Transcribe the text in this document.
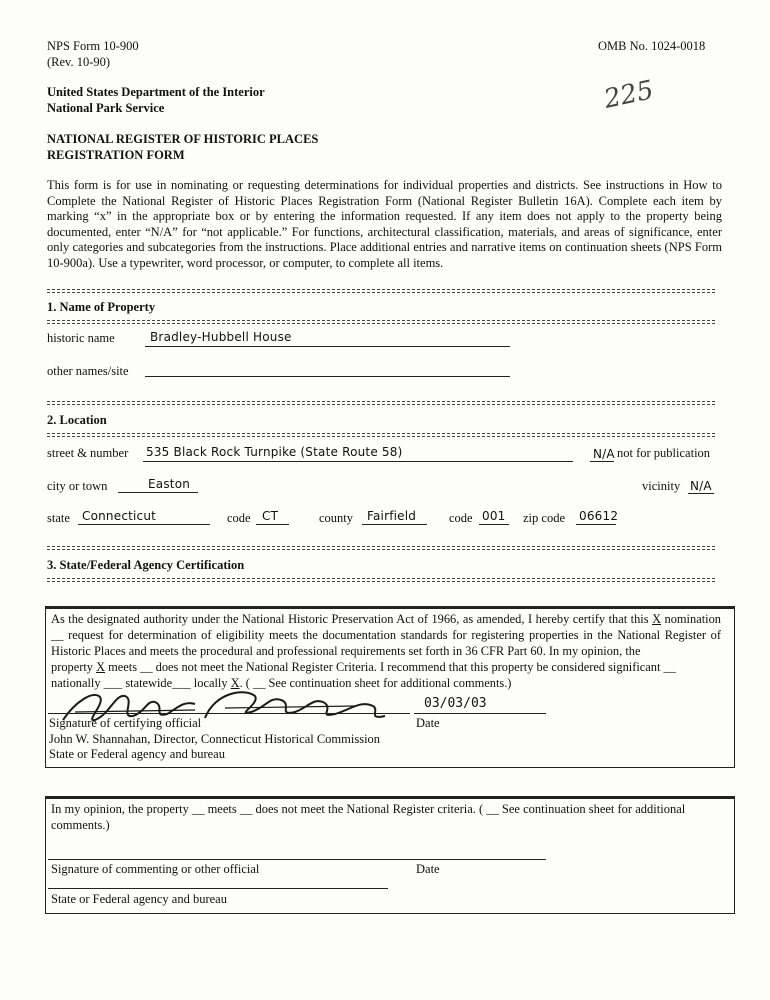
NPS Form 10-900
(Rev. 10-90)
OMB No. 1024-0018
United States Department of the Interior
National Park Service
NATIONAL REGISTER OF HISTORIC PLACES
REGISTRATION FORM
225
This form is for use in nominating or requesting determinations for individual properties and districts. See instructions in How to Complete the National Register of Historic Places Registration Form (National Register Bulletin 16A). Complete each item by marking “x” in the appropriate box or by entering the information requested. If any item does not apply to the property being documented, enter “N/A” for “not applicable.” For functions, architectural classification, materials, and areas of significance, enter only categories and subcategories from the instructions. Place additional entries and narrative items on continuation sheets (NPS Form 10-900a). Use a typewriter, word processor, or computer, to complete all items.
1. Name of Property
historic name	Bradley-Hubbell House
other names/site
2. Location
street & number 535 Black Rock Turnpike (State Route 58)	N/A not for publication
city or town	Easton	vicinity N/A
state Connecticut	code CT	county Fairfield	code 001 zip code 06612
3. State/Federal Agency Certification
As the designated authority under the National Historic Preservation Act of 1966, as amended, I hereby certify that this X nomination __ request for determination of eligibility meets the documentation standards for registering properties in the National Register of Historic Places and meets the procedural and professional requirements set forth in 36 CFR Part 60. In my opinion, the
property X meets __ does not meet the National Register Criteria. I recommend that this property be considered significant __
nationally ___ statewide___ locally X. ( __ See continuation sheet for additional comments.)
03/03/03
Signature of certifying official	Date
John W. Shannahan, Director, Connecticut Historical Commission
State or Federal agency and bureau
In my opinion, the property __ meets __ does not meet the National Register criteria. ( __ See continuation sheet for additional comments.)
Signature of commenting or other official	Date
State or Federal agency and bureau
